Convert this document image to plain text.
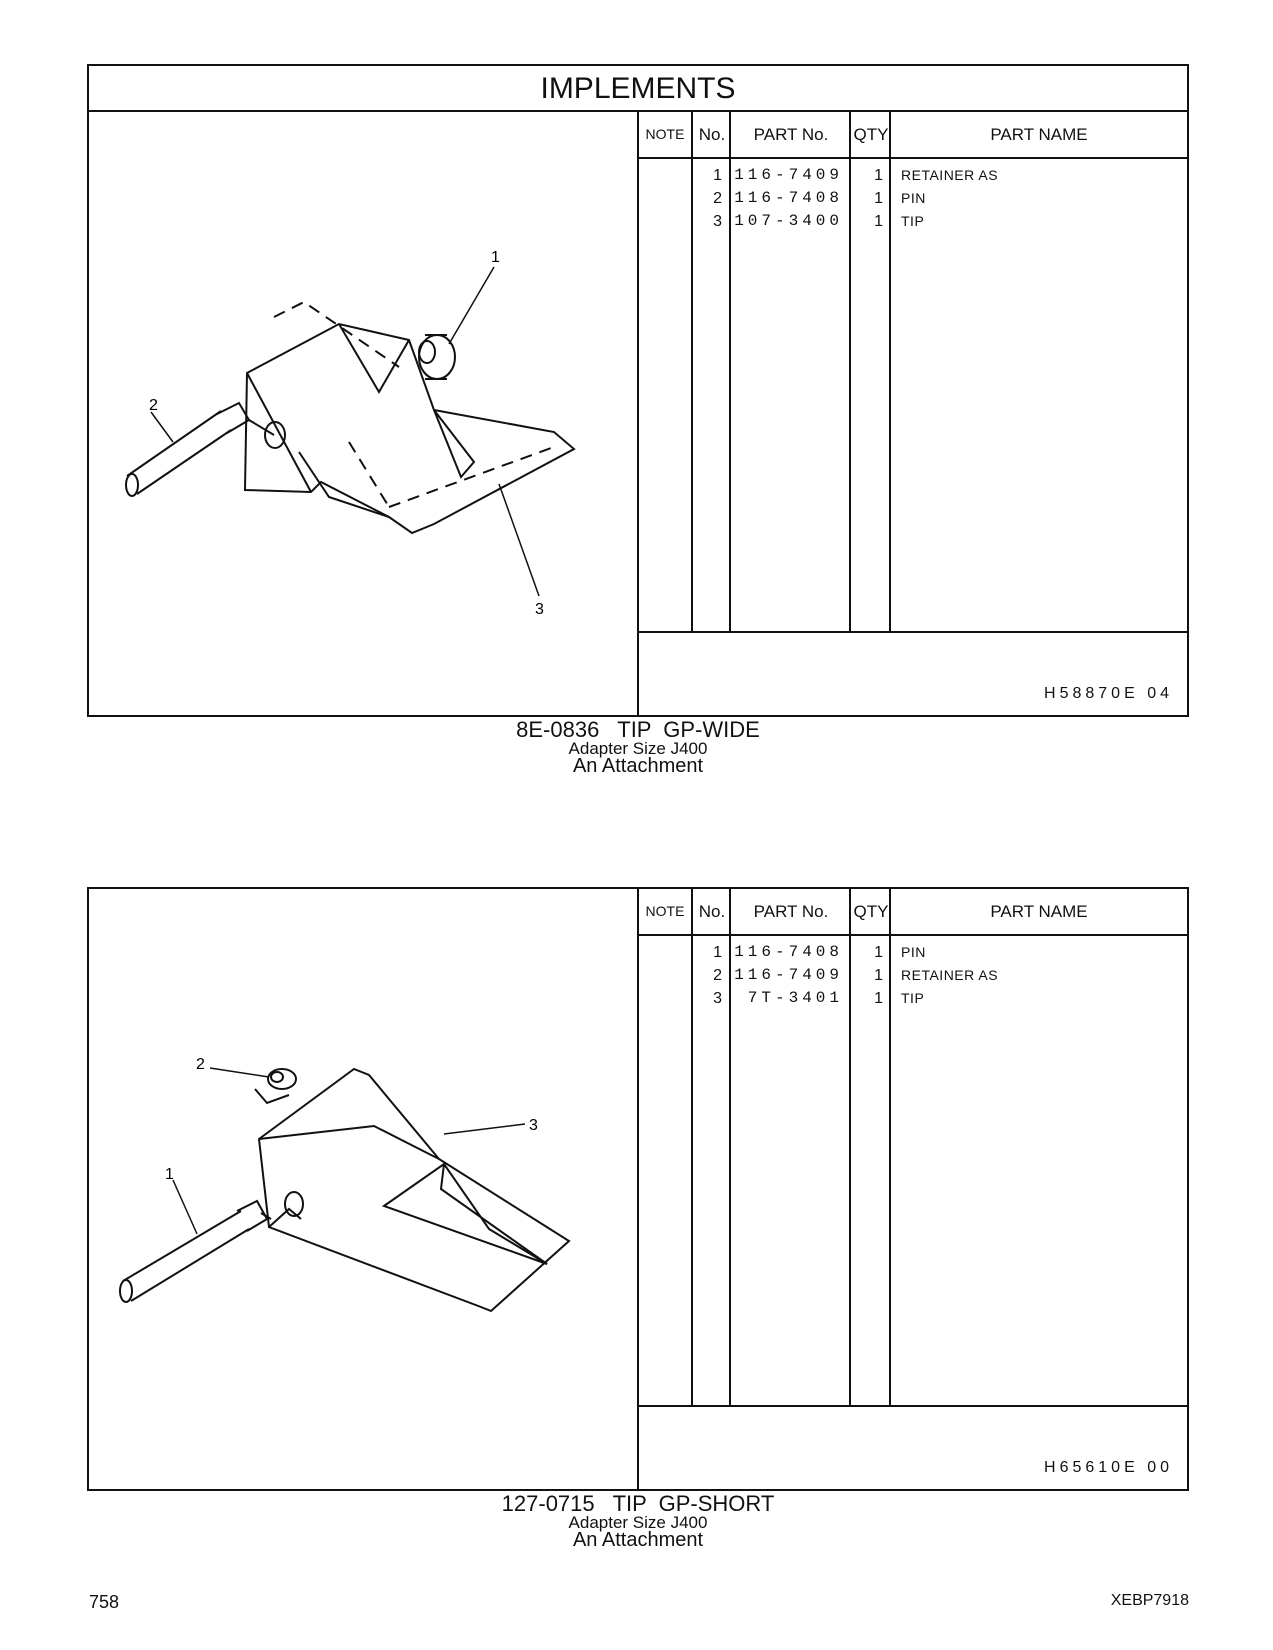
IMPLEMENTS
1
2
3
NOTE No.	PART No.	QTY	PART NAME
1 116-7409	1 RETAINER AS
2 116-7408	1 PIN
3 107-3400	1 TIP
H58870E 04
8E-0836   TIP  GP-WIDE
Adapter Size J400
An Attachment
2
3
1
NOTE No.	PART No.	QTY	PART NAME
1 116-7408	1 PIN
2 116-7409	1 RETAINER AS
3	7T-3401	1 TIP
H65610E 00
127-0715   TIP  GP-SHORT
Adapter Size J400
An Attachment
758	XEBP7918
